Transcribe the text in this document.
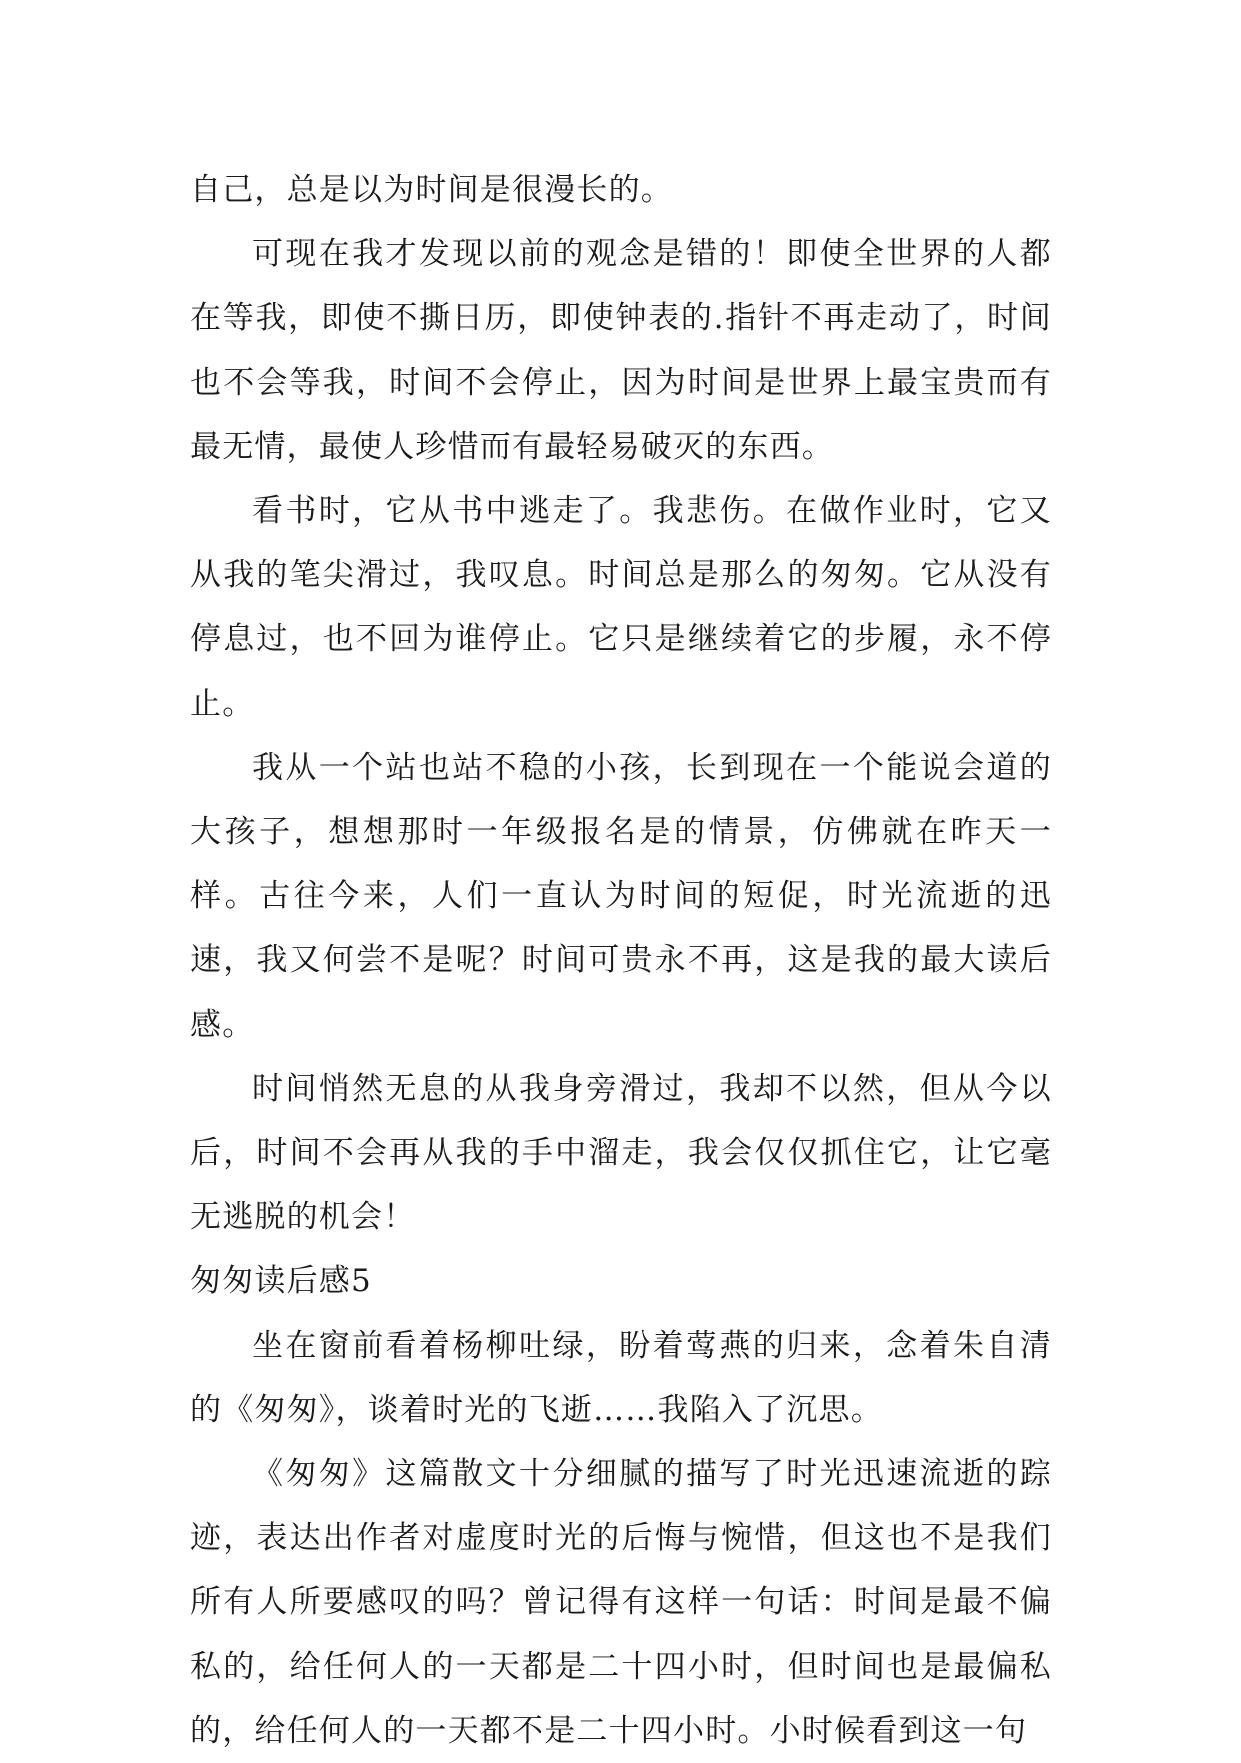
自己，总是以为时间是很漫长的。

可现在我才发现以前的观念是错的！即使全世界的人都在等我，即使不撕日历，即使钟表的.指针不再走动了，时间也不会等我，时间不会停止，因为时间是世界上最宝贵而有最无情，最使人珍惜而有最轻易破灭的东西。

看书时，它从书中逃走了。我悲伤。在做作业时，它又从我的笔尖滑过，我叹息。时间总是那么的匆匆。它从没有停息过，也不回为谁停止。它只是继续着它的步履，永不停止。

我从一个站也站不稳的小孩，长到现在一个能说会道的大孩子，想想那时一年级报名是的情景，仿佛就在昨天一样。古往今来，人们一直认为时间的短促，时光流逝的迅速，我又何尝不是呢？时间可贵永不再，这是我的最大读后感。

时间悄然无息的从我身旁滑过，我却不以然，但从今以后，时间不会再从我的手中溜走，我会仅仅抓住它，让它毫无逃脱的机会！

匆匆读后感5

坐在窗前看着杨柳吐绿，盼着莺燕的归来，念着朱自清的《匆匆》，谈着时光的飞逝……我陷入了沉思。

《匆匆》这篇散文十分细腻的描写了时光迅速流逝的踪迹，表达出作者对虚度时光的后悔与惋惜，但这也不是我们所有人所要感叹的吗？曾记得有这样一句话：时间是最不偏私的，给任何人的一天都是二十四小时，但时间也是最偏私的，给任何人的一天都不是二十四小时。小时候看到这一句
